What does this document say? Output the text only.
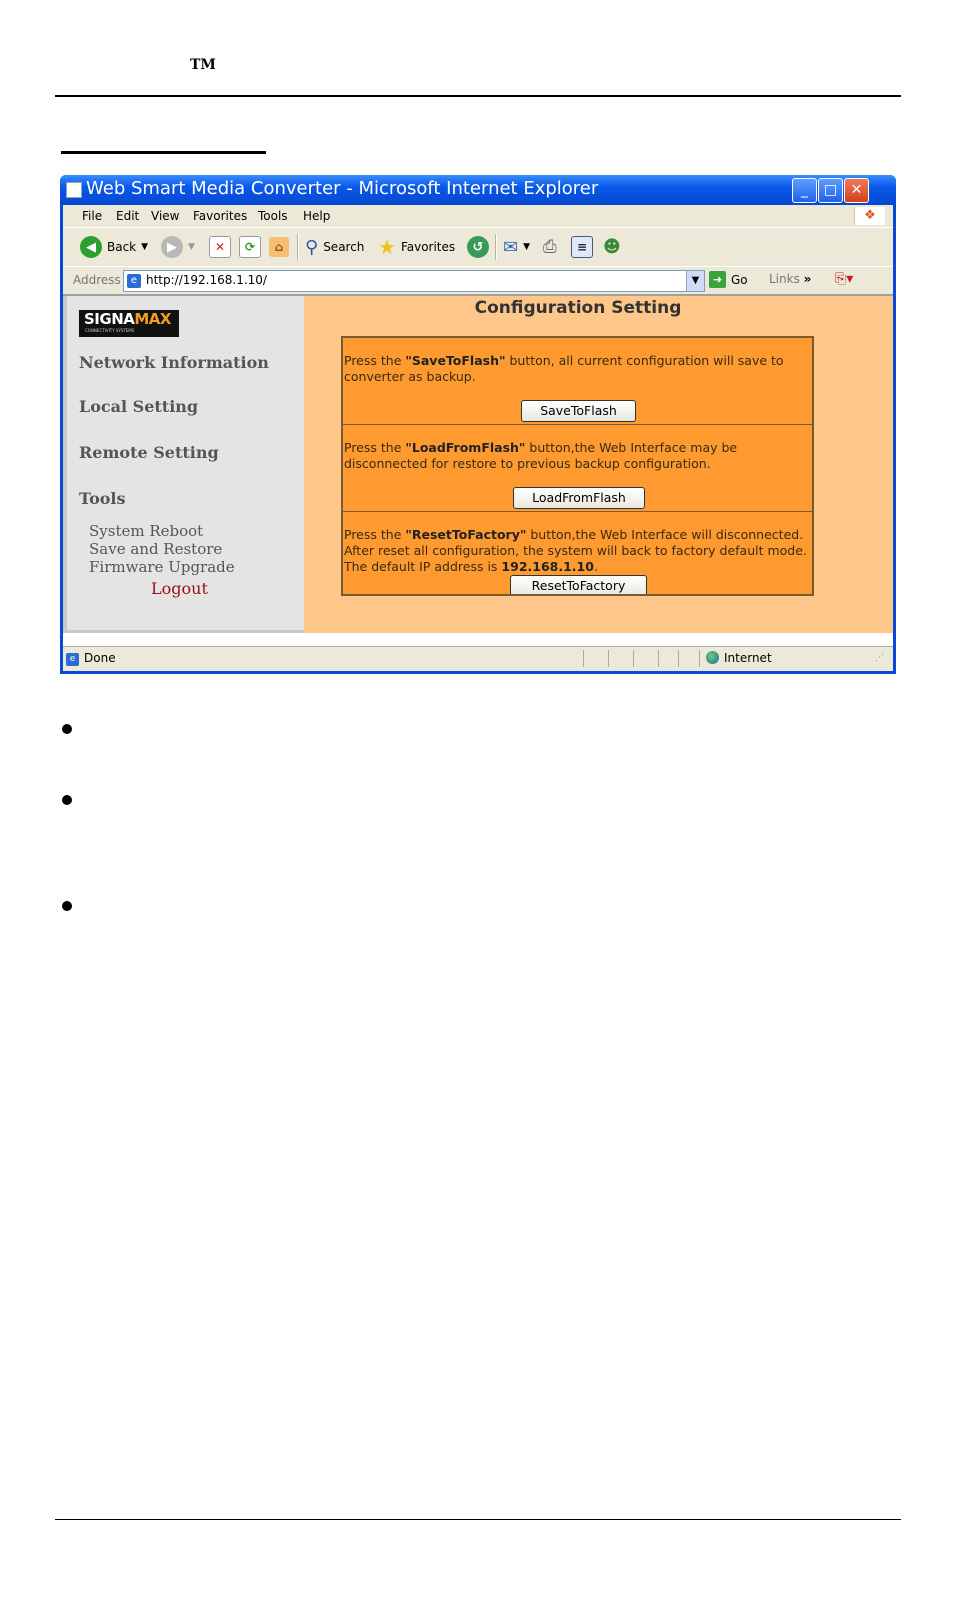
TM
Web Smart Media Converter - Microsoft Internet Explorer	_	□ ✕
File Edit View Favorites Tools Help	❖
◀ Back ▼	▶	▼	✕	⟳	⌂	⚲ Search ★ Favorites	↺	✉ ▼ ⎙	≡ ☻
Address	e http://192.168.1.10/	▼	➜ Go Links » ⎘▾
SIGNAMAX
CONNECTIVITY SYSTEMS
Network Information
Local Setting
Remote Setting
Tools
System Reboot
Save and Restore
Firmware Upgrade
Logout
Configuration Setting
Press the "SaveToFlash" button, all current configuration will save to converter as backup.
SaveToFlash
Press the "LoadFromFlash" button,the Web Interface may be disconnected for restore to previous backup configuration.
LoadFromFlash
Press the "ResetToFactory" button,the Web Interface will disconnected. After reset all configuration, the system will back to factory default mode. The default IP address is 192.168.1.10.
ResetToFactory
e Done	Internet	⋰
